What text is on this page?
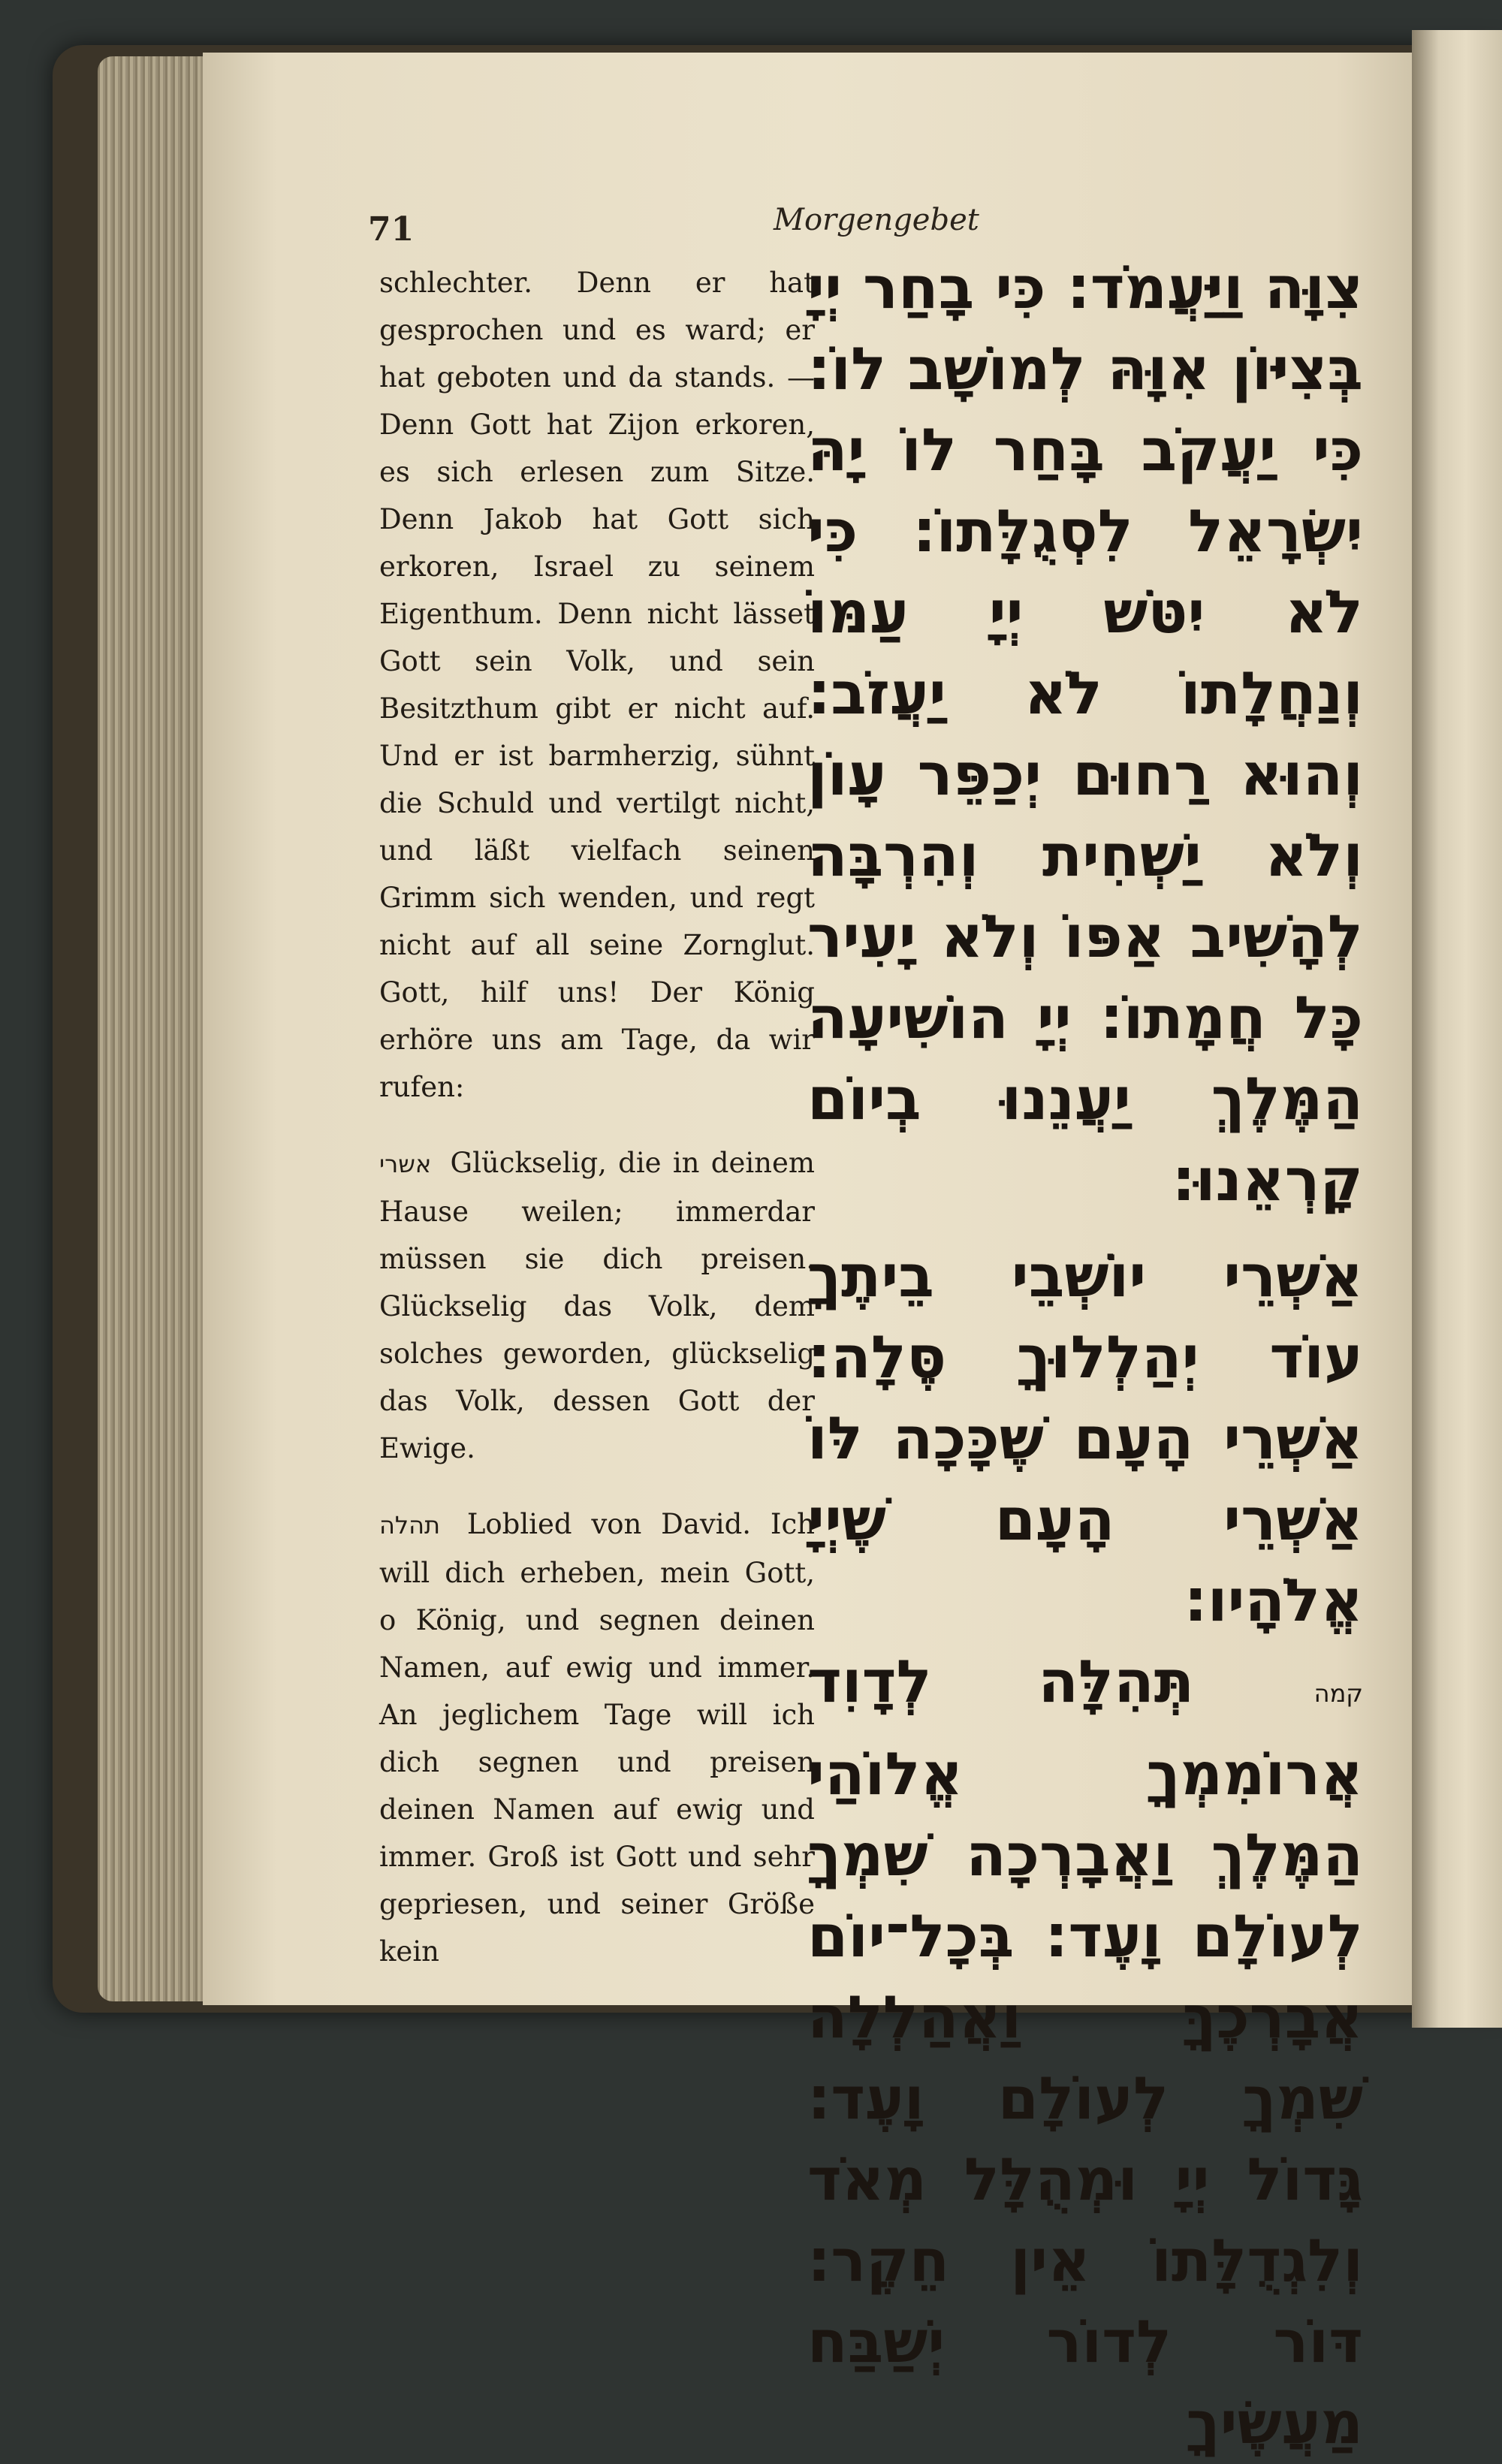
71	Morgengebet

schlechter. Denn er hat gesprochen und es ward; er hat geboten und da stands. — Denn Gott hat Zijon erkoren, es sich erlesen zum Sitze. Denn Jakob hat Gott sich erkoren, Israel zu seinem Eigenthum. Denn nicht lässet Gott sein Volk, und sein Besitzthum gibt er nicht auf. Und er ist barmherzig, sühnt die Schuld und vertilgt nicht, und läßt vielfach seinen Grimm sich wenden, und regt nicht auf all seine Zornglut. Gott, hilf uns! Der König erhöre uns am Tage, da wir rufen:

אשרי Glückselig, die in deinem Hause weilen; immerdar müssen sie dich preisen. Glückselig das Volk, dem solches geworden, glückselig das Volk, dessen Gott der Ewige.

תהלה Loblied von David. Ich will dich erheben, mein Gott, o König, und segnen deinen Namen, auf ewig und immer. An jeglichem Tage will ich dich segnen und preisen deinen Namen auf ewig und immer. Groß ist Gott und sehr gepriesen, und seiner Größe kein

צִוָּה וַיַּעֲמֹד: כִּי בָחַר יְיָ בְּצִיּוֹן אִוָּהּ לְמוֹשָׁב לוֹ: כִּי יַעֲקֹב בָּחַר לוֹ יָהּ יִשְׂרָאֵל לִסְגֻלָּתוֹ: כִּי לֹא יִטֹּשׁ יְיָ עַמּוֹ וְנַחֲלָתוֹ לֹא יַעֲזֹב: וְהוּא רַחוּם יְכַפֵּר עָוֹן וְלֹא יַשְׁחִית וְהִרְבָּה לְהָשִׁיב אַפּוֹ וְלֹא יָעִיר כָּל חֲמָתוֹ: יְיָ הוֹשִׁיעָה הַמֶּלֶךְ יַעֲנֵנוּ בְיוֹם קָרְאֵנוּ:

אַשְׁרֵי יוֹשְׁבֵי בֵיתֶךָ עוֹד יְהַלְלוּךָ סֶּלָה: אַשְׁרֵי הָעָם שֶׁכָּכָה לּוֹ אַשְׁרֵי הָעָם שֶׁיְיָ אֱלֹהָיו:

קמה תְּהִלָּה לְדָוִד אֲרוֹמִמְךָ אֱלוֹהַי הַמֶּלֶךְ וַאֲבָרְכָה שִׁמְךָ לְעוֹלָם וָעֶד: בְּכָל־יוֹם אֲבָרְכֶךָּ וַאֲהַלְלָה שִׁמְךָ לְעוֹלָם וָעֶד: גָּדוֹל יְיָ וּמְהֻלָּל מְאֹד וְלִגְדֻלָּתוֹ אֵין חֵקֶר: דּוֹר לְדוֹר יְשַׁבַּח מַעֲשֶׂיךָ
